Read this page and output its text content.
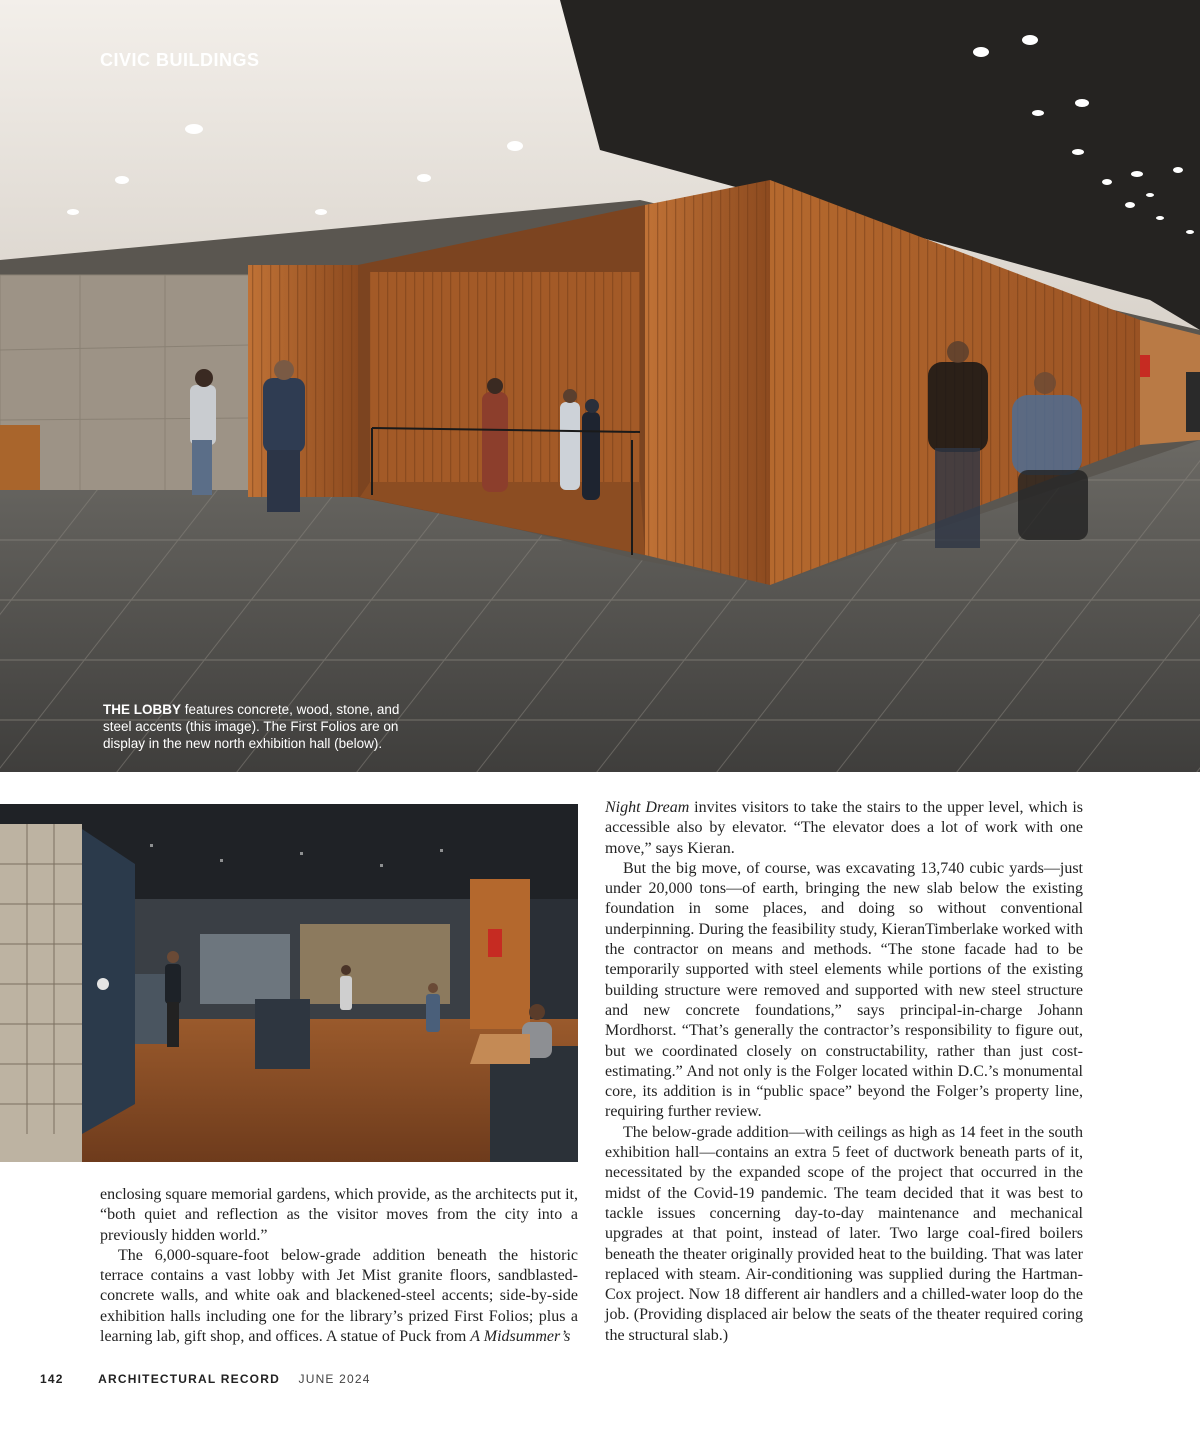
CIVIC BUILDINGS
THE LOBBY features concrete, wood, stone, and steel accents (this image). The First Folios are on display in the new north exhibition hall (below).

Night Dream invites visitors to take the stairs to the upper level, which is accessible also by elevator. “The elevator does a lot of work with one move,” says Kieran.

But the big move, of course, was excavating 13,740 cubic yards—just under 20,000 tons—of earth, bringing the new slab below the existing foundation in some places, and doing so without conventional underpinning. During the feasibility study, KieranTimberlake worked with the contractor on means and methods. “The stone facade had to be temporarily supported with steel elements while portions of the existing building structure were removed and supported with new steel structure and new concrete foundations,” says principal-in-charge Johann Mordhorst. “That’s generally the contractor’s responsibility to figure out, but we coordinated closely on constructability, rather than just cost-estimating.” And not only is the Folger located within D.C.’s monumental core, its addition is in “public space” beyond the Folger’s property line, requiring further review.

The below-grade addition—with ceilings as high as 14 feet in the south exhibition hall—contains an extra 5 feet of ductwork beneath parts of it, necessitated by the expanded scope of the project that occurred in the midst of the Covid-19 pandemic. The team decided that it was best to tackle issues concerning day-to-day maintenance and mechanical upgrades at that point, instead of later. Two large coal-fired boilers beneath the theater originally provided heat to the building. That was later replaced with steam. Air-conditioning was supplied during the Hartman-Cox project. Now 18 different air handlers and a chilled-water loop do the job. (Providing displaced air below the seats of the theater required coring the structural slab.)

enclosing square memorial gardens, which provide, as the architects put it, “both quiet and reflection as the visitor moves from the city into a previously hidden world.”

The 6,000-square-foot below-grade addition beneath the historic terrace contains a vast lobby with Jet Mist granite floors, sandblasted-concrete walls, and white oak and blackened-steel accents; side-by-side exhibition halls including one for the library’s prized First Folios; plus a learning lab, gift shop, and offices. A statue of Puck from A Midsummer’s

142	ARCHITECTURAL RECORD JUNE 2024
